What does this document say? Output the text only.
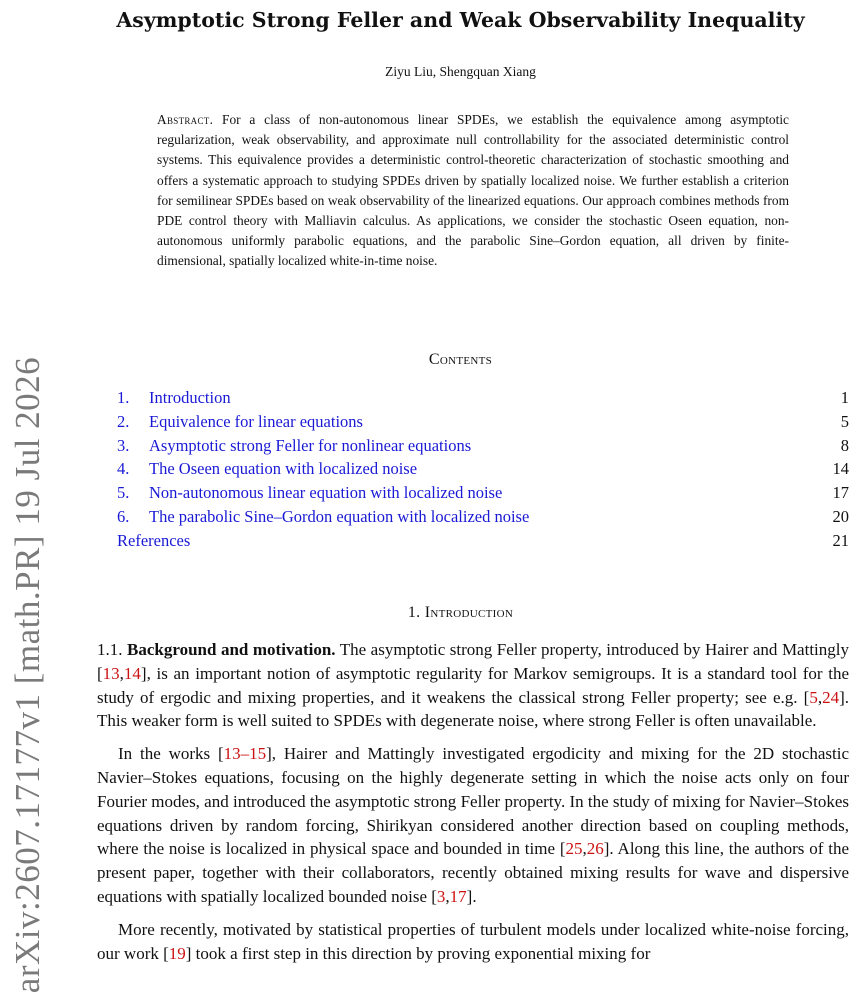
arXiv:2607.17177v1 [math.PR] 19 Jul 2026
Asymptotic Strong Feller and Weak Observability Inequality
Ziyu Liu, Shengquan Xiang
Abstract. For a class of non-autonomous linear SPDEs, we establish the equivalence among asymptotic regularization, weak observability, and approximate null controllability for the associated deterministic control systems. This equivalence provides a deterministic control-theoretic characterization of stochastic smoothing and offers a systematic approach to studying SPDEs driven by spatially localized noise. We further establish a criterion for semilinear SPDEs based on weak observability of the linearized equations. Our approach combines methods from PDE control theory with Malliavin calculus. As applications, we consider the stochastic Oseen equation, non-autonomous uniformly parabolic equations, and the parabolic Sine–Gordon equation, all driven by finite-dimensional, spatially localized white-in-time noise.
Contents
1. Introduction	1
2. Equivalence for linear equations	5
3. Asymptotic strong Feller for nonlinear equations	8
4. The Oseen equation with localized noise	14
5. Non-autonomous linear equation with localized noise	17
6. The parabolic Sine–Gordon equation with localized noise	20
References	21
1. Introduction

1.1. Background and motivation. The asymptotic strong Feller property, introduced by Hairer and Mattingly [13,14], is an important notion of asymptotic regularity for Markov semigroups. It is a standard tool for the study of ergodic and mixing properties, and it weakens the classical strong Feller property; see e.g. [5,24]. This weaker form is well suited to SPDEs with degenerate noise, where strong Feller is often unavailable.

In the works [13–15], Hairer and Mattingly investigated ergodicity and mixing for the 2D stochastic Navier–Stokes equations, focusing on the highly degenerate setting in which the noise acts only on four Fourier modes, and introduced the asymptotic strong Feller property. In the study of mixing for Navier–Stokes equations driven by random forcing, Shirikyan considered another direction based on coupling methods, where the noise is localized in physical space and bounded in time [25,26]. Along this line, the authors of the present paper, together with their collaborators, recently obtained mixing results for wave and dispersive equations with spatially localized bounded noise [3,17].

More recently, motivated by statistical properties of turbulent models under localized white-noise forcing, our work [19] took a first step in this direction by proving exponential mixing for
